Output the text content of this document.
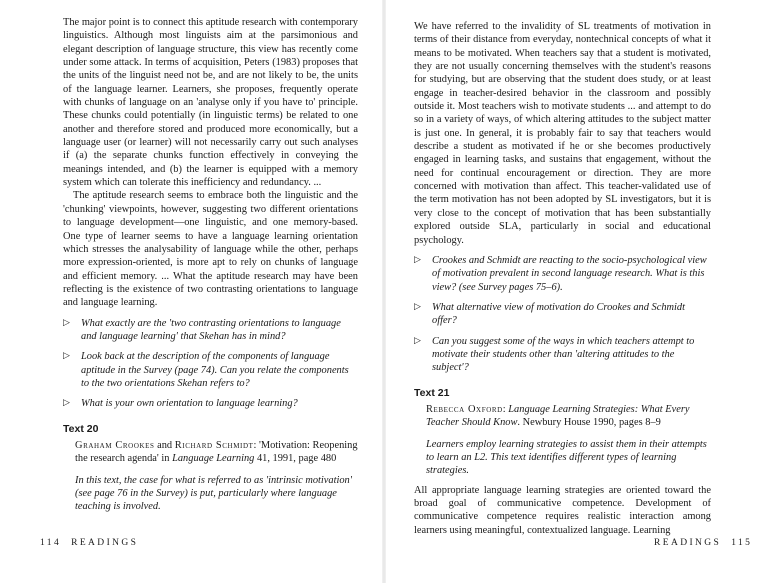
The major point is to connect this aptitude research with contemporary linguistics. Although most linguists aim at the parsimonious and elegant description of language structure, this view has recently come under some attack. In terms of acquisition, Peters (1983) proposes that the units of the linguist need not be, and are not likely to be, the units of the language learner. Learners, she proposes, frequently operate with chunks of language on an 'analyse only if you have to' principle. These chunks could potentially (in linguistic terms) be related to one another and therefore stored and produced more economically, but a language user (or learner) will not necessarily carry out such analyses if (a) the separate chunks function effectively in conveying the meanings intended, and (b) the learner is equipped with a memory system which can tolerate this inefficiency and redundancy. ...

The aptitude research seems to embrace both the linguistic and the 'chunking' viewpoints, however, suggesting two different orientations to language development—one linguistic, and one memory-based. One type of learner seems to have a language learning orientation which stresses the analysability of language while the other, perhaps more expression-oriented, is more apt to rely on chunks of language and efficient memory. ... What the aptitude research may have been reflecting is the existence of two contrasting orientations to language and language learning.

▷ What exactly are the 'two contrasting orientations to language and language learning' that Skehan has in mind?
▷ Look back at the description of the components of language aptitude in the Survey (page 74). Can you relate the components to the two orientations Skehan refers to?
▷ What is your own orientation to language learning?
Text 20
Graham Crookes and Richard Schmidt: 'Motivation: Reopening the research agenda' in Language Learning 41, 1991, page 480

In this text, the case for what is referred to as 'intrinsic motivation' (see page 76 in the Survey) is put, particularly where language teaching is involved.

114 READINGS

We have referred to the invalidity of SL treatments of motivation in terms of their distance from everyday, nontechnical concepts of what it means to be motivated. When teachers say that a student is motivated, they are not usually concerning themselves with the student's reasons for studying, but are observing that the student does study, or at least engage in teacher-desired behavior in the classroom and possibly outside it. Most teachers wish to motivate students ... and attempt to do so in a variety of ways, of which altering attitudes to the subject matter is just one. In general, it is probably fair to say that teachers would describe a student as motivated if he or she becomes productively engaged in learning tasks, and sustains that engagement, without the need for continual encouragement or direction. They are more concerned with motivation than affect. This teacher-validated use of the term motivation has not been adopted by SL investigators, but it is very close to the concept of motivation that has been substantially explored outside SLA, particularly in social and educational psychology.

▷ Crookes and Schmidt are reacting to the socio-psychological view of motivation prevalent in second language research. What is this view? (see Survey pages 75–6).
▷ What alternative view of motivation do Crookes and Schmidt offer?
▷ Can you suggest some of the ways in which teachers attempt to motivate their students other than 'altering attitudes to the subject'?
Text 21
Rebecca Oxford: Language Learning Strategies: What Every Teacher Should Know. Newbury House 1990, pages 8–9

Learners employ learning strategies to assist them in their attempts to learn an L2. This text identifies different types of learning strategies.

All appropriate language learning strategies are oriented toward the broad goal of communicative competence. Development of communicative competence requires realistic interaction among learners using meaningful, contextualized language. Learning

READINGS 115
